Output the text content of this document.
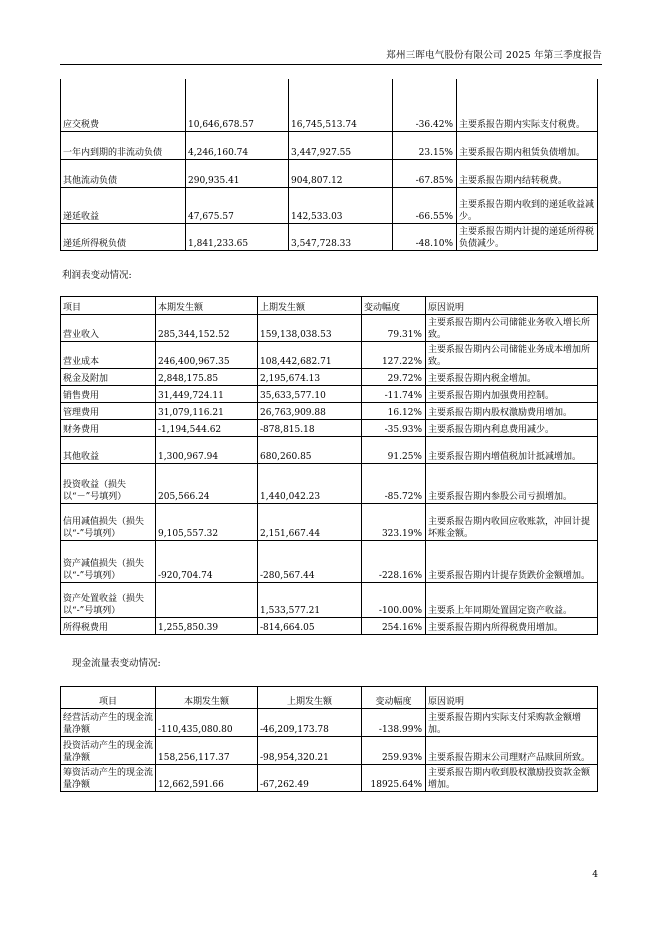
郑州三晖电气股份有限公司 2025 年第三季度报告
应交税费	10,646,678.57	16,745,513.74	-36.42%	主要系报告期内实际支付税费。
一年内到期的非流动负债	4,246,160.74	3,447,927.55	23.15%	主要系报告期内租赁负债增加。
其他流动负债	290,935.41	904,807.12	-67.85%	主要系报告期内结转税费。
递延收益	47,675.57	142,533.03	-66.55%	主要系报告期内收到的递延收益减少。
递延所得税负债	1,841,233.65	3,547,728.33	-48.10%	主要系报告期内计提的递延所得税负债减少。
利润表变动情况:
项目	本期发生额	上期发生额	变动幅度	原因说明
营业收入	285,344,152.52	159,138,038.53	79.31%	主要系报告期内公司储能业务收入增长所致。
营业成本	246,400,967.35	108,442,682.71	127.22%	主要系报告期内公司储能业务成本增加所致。
税金及附加	2,848,175.85	2,195,674.13	29.72%	主要系报告期内税金增加。
销售费用	31,449,724.11	35,633,577.10	-11.74%	主要系报告期内加强费用控制。
管理费用	31,079,116.21	26,763,909.88	16.12%	主要系报告期内股权激励费用增加。
财务费用	-1,194,544.62	-878,815.18	-35.93%	主要系报告期内利息费用减少。
其他收益	1,300,967.94	680,260.85	91.25%	主要系报告期内增值税加计抵减增加。
投资收益（损失以“－”号填列）	205,566.24	1,440,042.23	-85.72%	主要系报告期内参股公司亏损增加。
信用减值损失（损失以“-”号填列）	9,105,557.32	2,151,667.44	323.19%	主要系报告期内收回应收账款，冲回计提坏账金额。
资产减值损失（损失以“-”号填列）	-920,704.74	-280,567.44	-228.16%	主要系报告期内计提存货跌价金额增加。
资产处置收益（损失以“-”号填列）		1,533,577.21	-100.00%	主要系上年同期处置固定资产收益。
所得税费用	1,255,850.39	-814,664.05	254.16%	主要系报告期内所得税费用增加。
现金流量表变动情况:
项目	本期发生额	上期发生额	变动幅度	原因说明
经营活动产生的现金流量净额	-110,435,080.80	-46,209,173.78	-138.99%	主要系报告期内实际支付采购款金额增加。
投资活动产生的现金流量净额	158,256,117.37	-98,954,320.21	259.93%	主要系报告期末公司理财产品赎回所致。
筹资活动产生的现金流量净额	12,662,591.66	-67,262.49	18925.64%	主要系报告期内收到股权激励投资款金额增加。
4
